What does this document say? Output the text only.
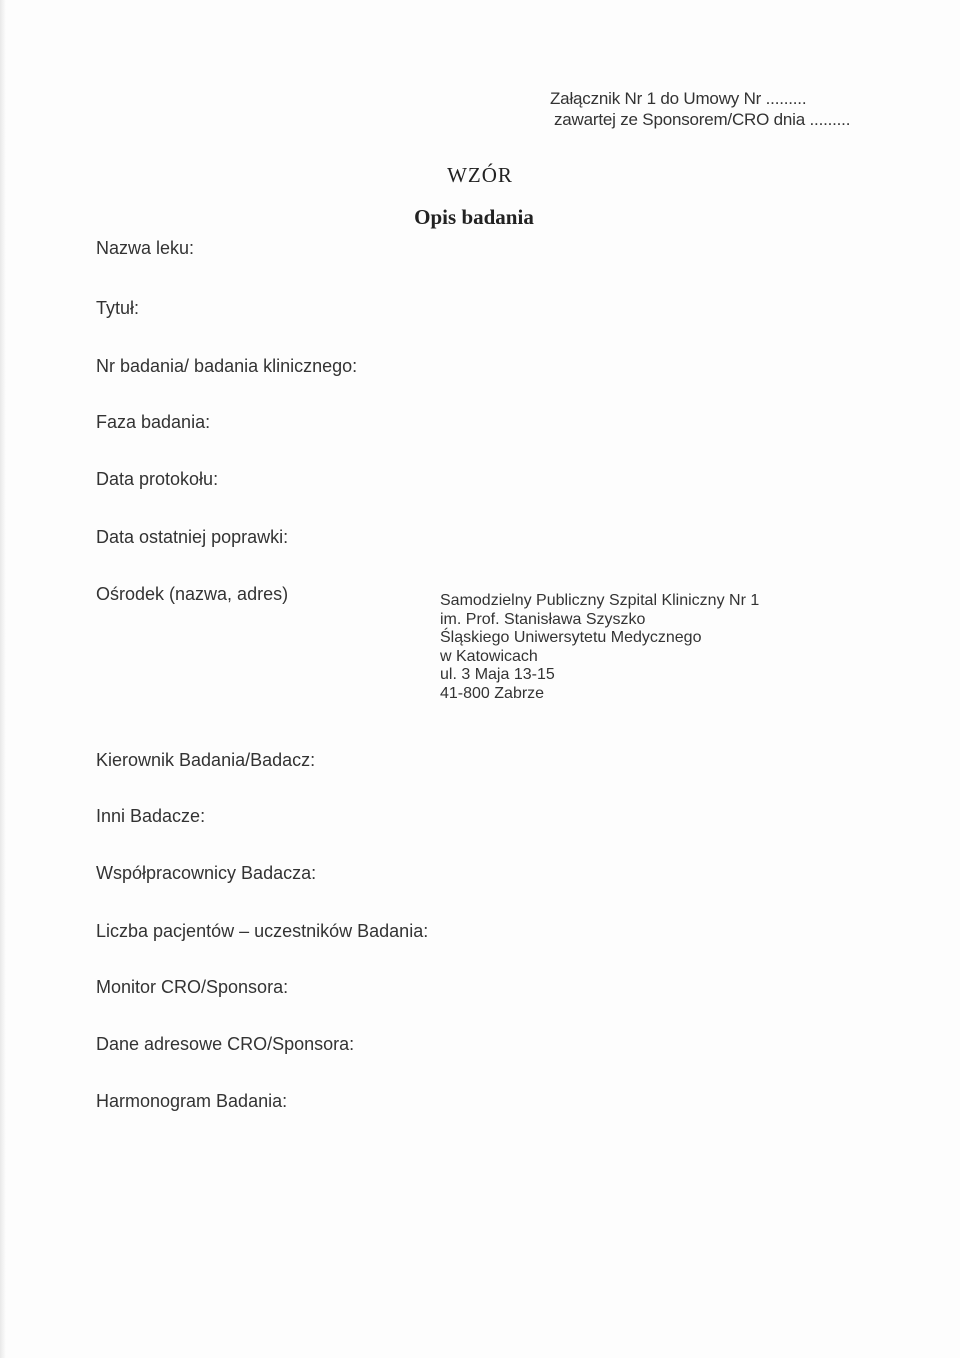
Załącznik Nr 1 do Umowy Nr .........
zawartej ze Sponsorem/CRO dnia .........
WZÓR
Opis badania
Nazwa leku:
Tytuł:
Nr badania/ badania klinicznego:
Faza badania:
Data protokołu:
Data ostatniej poprawki:
Ośrodek (nazwa, adres)	Samodzielny Publiczny Szpital Kliniczny Nr 1
im. Prof. Stanisława Szyszko
Śląskiego Uniwersytetu Medycznego
w Katowicach
ul. 3 Maja 13-15
41-800 Zabrze
Kierownik Badania/Badacz:
Inni Badacze:
Współpracownicy Badacza:
Liczba pacjentów – uczestników Badania:
Monitor CRO/Sponsora:
Dane adresowe CRO/Sponsora:
Harmonogram Badania:
